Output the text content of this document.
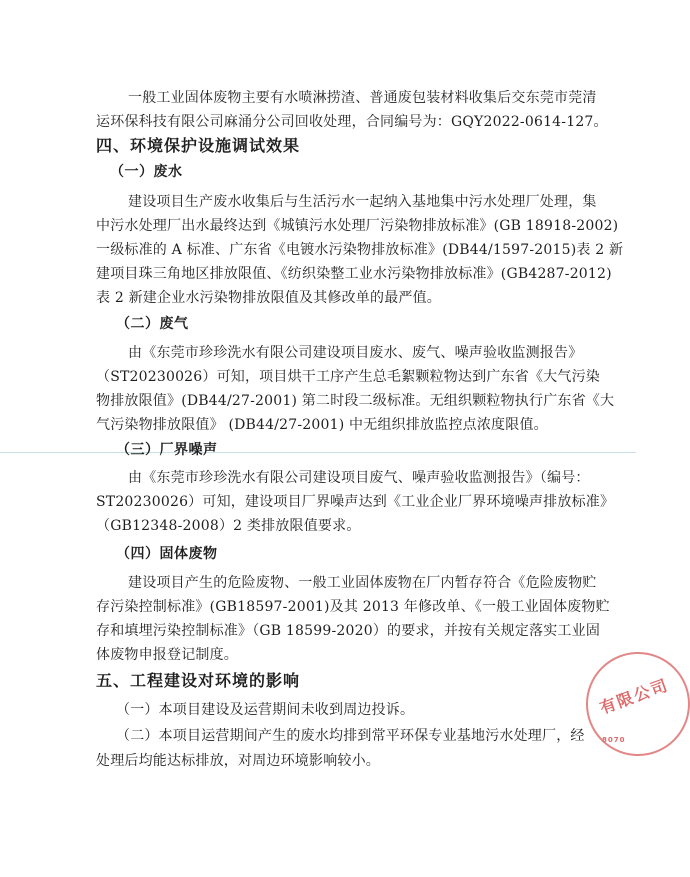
一般工业固体废物主要有水喷淋捞渣、普通废包装材料收集后交东莞市莞清
运环保科技有限公司麻涌分公司回收处理，合同编号为：GQY2022-0614-127。
四、环境保护设施调试效果
（一）废水
建设项目生产废水收集后与生活污水一起纳入基地集中污水处理厂处理，集
中污水处理厂出水最终达到《城镇污水处理厂污染物排放标准》(GB 18918-2002)
一级标准的 A 标准、广东省《电镀水污染物排放标准》(DB44/1597-2015)表 2 新
建项目珠三角地区排放限值、《纺织染整工业水污染物排放标准》(GB4287-2012)
表 2 新建企业水污染物排放限值及其修改单的最严值。
（二）废气
由《东莞市珍珍洗水有限公司建设项目废水、废气、噪声验收监测报告》
（ST20230026）可知，项目烘干工序产生总毛絮颗粒物达到广东省《大气污染
物排放限值》(DB44/27-2001) 第二时段二级标准。无组织颗粒物执行广东省《大
气污染物排放限值》 (DB44/27-2001) 中无组织排放监控点浓度限值。
（三）厂界噪声
由《东莞市珍珍洗水有限公司建设项目废气、噪声验收监测报告》（编号：
ST20230026）可知，建设项目厂界噪声达到《工业企业厂界环境噪声排放标准》
（GB12348-2008）2 类排放限值要求。
（四）固体废物
建设项目产生的危险废物、一般工业固体废物在厂内暂存符合《危险废物贮
存污染控制标准》(GB18597-2001)及其 2013 年修改单、《一般工业固体废物贮
存和填埋污染控制标准》（GB 18599-2020）的要求，并按有关规定落实工业固
体废物申报登记制度。
五、工程建设对环境的影响
（一）本项目建设及运营期间未收到周边投诉。
（二）本项目运营期间产生的废水均排到常平环保专业基地污水处理厂，经
处理后均能达标排放，对周边环境影响较小。
有限公司
8070
